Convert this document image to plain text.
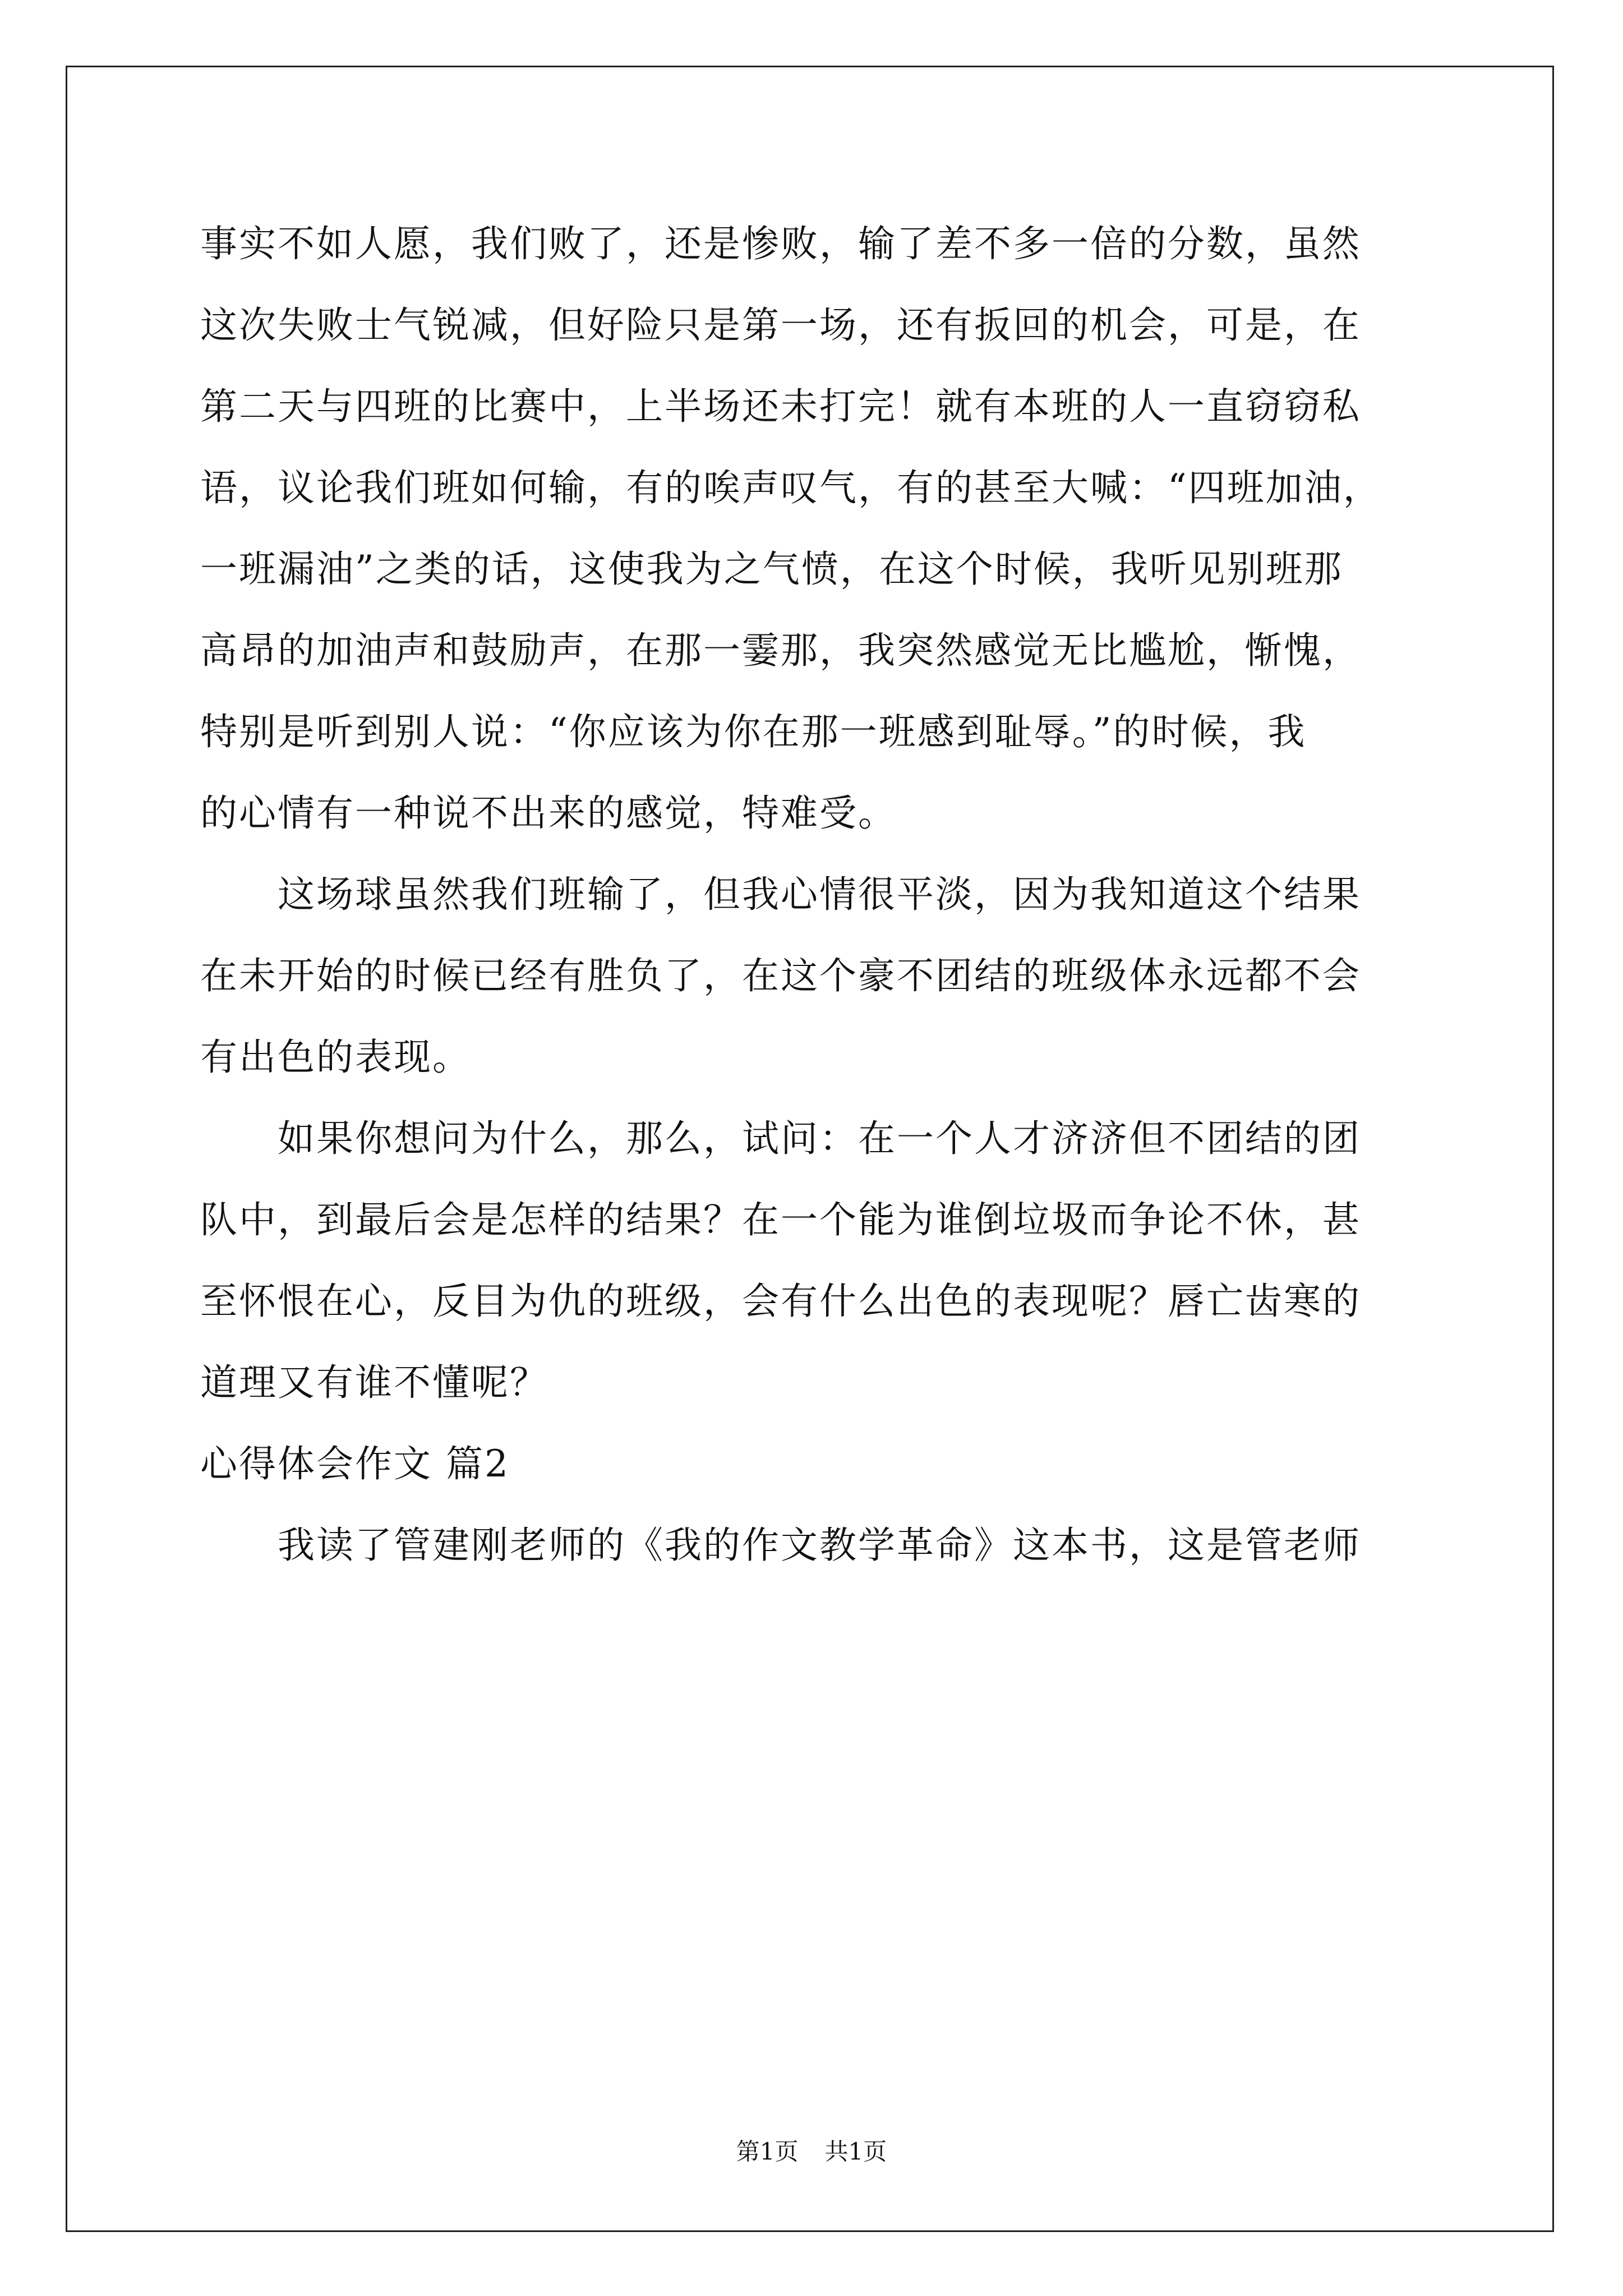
事实不如人愿，我们败了，还是惨败，输了差不多一倍的分数，虽然
这次失败士气锐减，但好险只是第一场，还有扳回的机会，可是，在
第二天与四班的比赛中，上半场还未打完！就有本班的人一直窃窃私
语，议论我们班如何输，有的唉声叹气，有的甚至大喊：“四班加油，
一班漏油”之类的话，这使我为之气愤，在这个时候，我听见别班那
高昂的加油声和鼓励声，在那一霎那，我突然感觉无比尴尬，惭愧，
特别是听到别人说：“你应该为你在那一班感到耻辱。”的时候，我
的心情有一种说不出来的感觉，特难受。
　　这场球虽然我们班输了，但我心情很平淡，因为我知道这个结果
在未开始的时候已经有胜负了，在这个豪不团结的班级体永远都不会
有出色的表现。
　　如果你想问为什么，那么，试问：在一个人才济济但不团结的团
队中，到最后会是怎样的结果？在一个能为谁倒垃圾而争论不休，甚
至怀恨在心，反目为仇的班级，会有什么出色的表现呢？唇亡齿寒的
道理又有谁不懂呢？
心得体会作文 篇2
　　我读了管建刚老师的《我的作文教学革命》这本书，这是管老师
第1页 共1页
